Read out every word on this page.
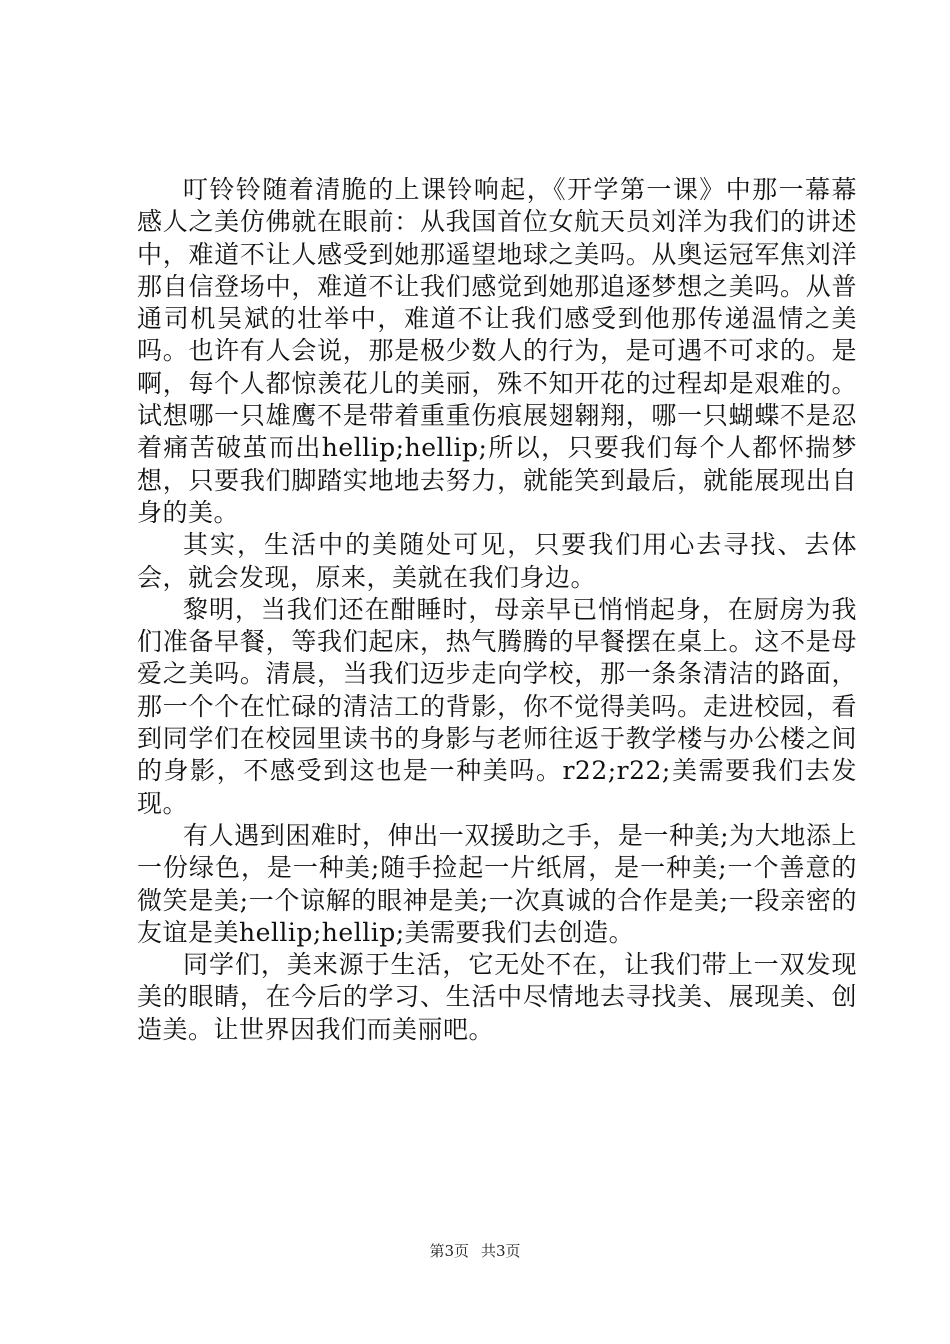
叮铃铃随着清脆的上课铃响起，《开学第一课》中那一幕幕感人之美仿佛就在眼前：从我国首位女航天员刘洋为我们的讲述中，难道不让人感受到她那遥望地球之美吗。从奥运冠军焦刘洋那自信登场中，难道不让我们感觉到她那追逐梦想之美吗。从普通司机吴斌的壮举中，难道不让我们感受到他那传递温情之美吗。也许有人会说，那是极少数人的行为，是可遇不可求的。是啊，每个人都惊羡花儿的美丽，殊不知开花的过程却是艰难的。试想哪一只雄鹰不是带着重重伤痕展翅翱翔，哪一只蝴蝶不是忍着痛苦破茧而出hellip;hellip;所以，只要我们每个人都怀揣梦想，只要我们脚踏实地地去努力，就能笑到最后，就能展现出自身的美。

其实，生活中的美随处可见，只要我们用心去寻找、去体会，就会发现，原来，美就在我们身边。

黎明，当我们还在酣睡时，母亲早已悄悄起身，在厨房为我们准备早餐，等我们起床，热气腾腾的早餐摆在桌上。这不是母爱之美吗。清晨，当我们迈步走向学校，那一条条清洁的路面，那一个个在忙碌的清洁工的背影，你不觉得美吗。走进校园，看到同学们在校园里读书的身影与老师往返于教学楼与办公楼之间的身影，不感受到这也是一种美吗。r22;r22;美需要我们去发现。

有人遇到困难时，伸出一双援助之手，是一种美;为大地添上一份绿色，是一种美;随手捡起一片纸屑，是一种美;一个善意的微笑是美;一个谅解的眼神是美;一次真诚的合作是美;一段亲密的友谊是美hellip;hellip;美需要我们去创造。

同学们，美来源于生活，它无处不在，让我们带上一双发现美的眼睛，在今后的学习、生活中尽情地去寻找美、展现美、创造美。让世界因我们而美丽吧。

第3页 共3页
